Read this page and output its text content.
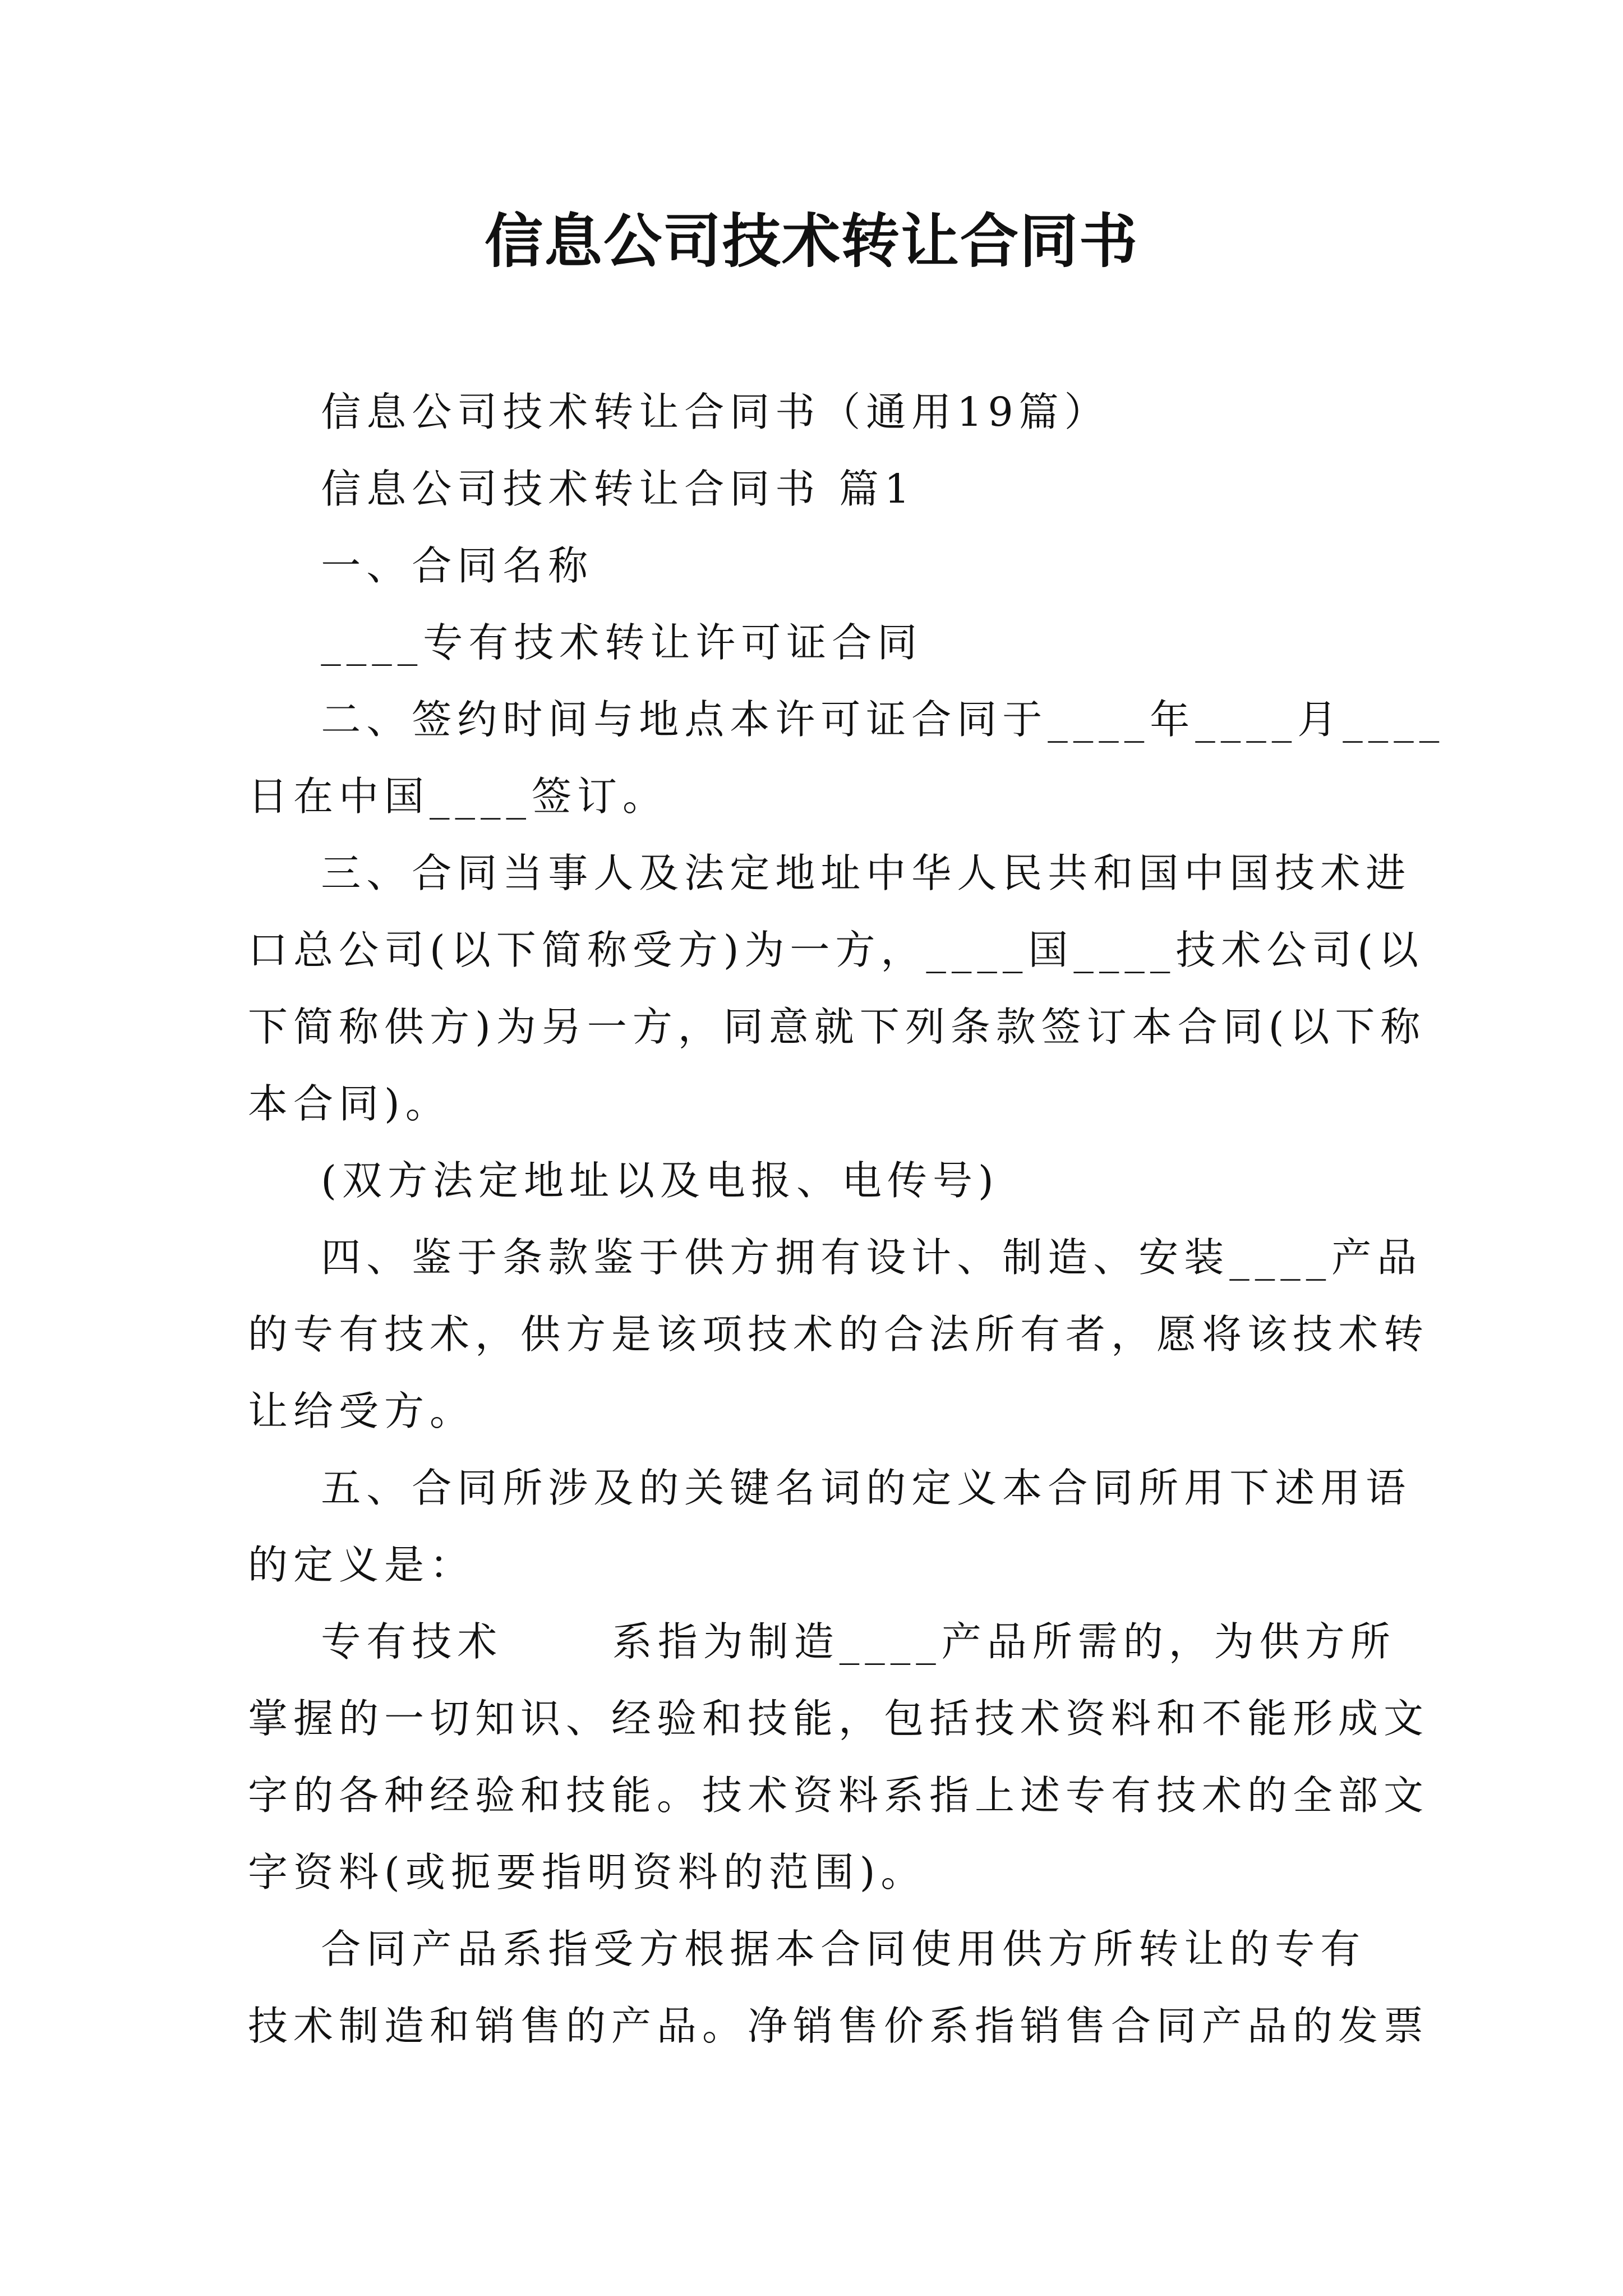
信息公司技术转让合同书

信息公司技术转让合同书（通用19篇）

信息公司技术转让合同书 篇1

一、合同名称

____专有技术转让许可证合同

二、签约时间与地点本许可证合同于____年____月____

日在中国____签订。

三、合同当事人及法定地址中华人民共和国中国技术进

口总公司(以下简称受方)为一方，____国____技术公司(以

下简称供方)为另一方，同意就下列条款签订本合同(以下称

本合同)。

(双方法定地址以及电报、电传号)

四、鉴于条款鉴于供方拥有设计、制造、安装____产品

的专有技术，供方是该项技术的合法所有者，愿将该技术转

让给受方。

五、合同所涉及的关键名词的定义本合同所用下述用语

的定义是：

专有技术      系指为制造____产品所需的，为供方所

掌握的一切知识、经验和技能，包括技术资料和不能形成文

字的各种经验和技能。技术资料系指上述专有技术的全部文

字资料(或扼要指明资料的范围)。

合同产品系指受方根据本合同使用供方所转让的专有

技术制造和销售的产品。净销售价系指销售合同产品的发票
